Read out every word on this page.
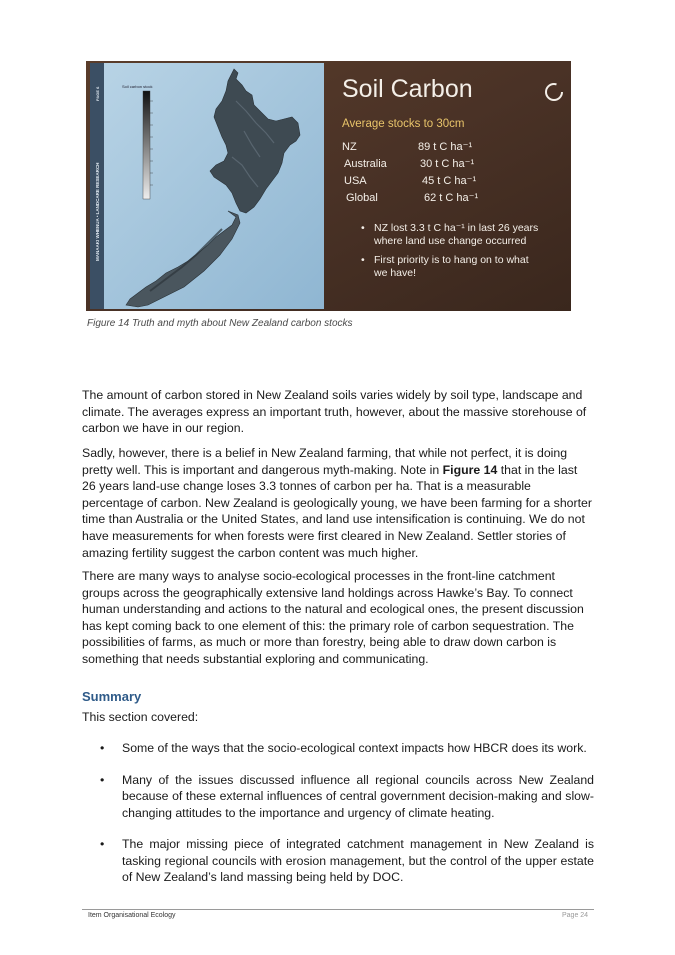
PAGE 6
MANAAKI WHENUA • LANDCARE RESEARCH
Soil carbon stock	Soil Carbon
Average stocks to 30cm
NZ	89 t C ha⁻¹
Australia	30 t C ha⁻¹
USA	45 t C ha⁻¹
Global	62 t C ha⁻¹
• NZ lost 3.3 t C ha⁻¹ in last 26 years
where land use change occurred
• First priority is to hang on to what
we have!
Figure 14 Truth and myth about New Zealand carbon stocks

The amount of carbon stored in New Zealand soils varies widely by soil type, landscape and climate. The averages express an important truth, however, about the massive storehouse of carbon we have in our region.

Sadly, however, there is a belief in New Zealand farming, that while not perfect, it is doing pretty well. This is important and dangerous myth-making. Note in Figure 14 that in the last 26 years land-use change loses 3.3 tonnes of carbon per ha. That is a measurable percentage of carbon. New Zealand is geologically young, we have been farming for a shorter time than Australia or the United States, and land use intensification is continuing. We do not have measurements for when forests were first cleared in New Zealand. Settler stories of amazing fertility suggest the carbon content was much higher.

There are many ways to analyse socio-ecological processes in the front-line catchment groups across the geographically extensive land holdings across Hawke’s Bay. To connect human understanding and actions to the natural and ecological ones, the present discussion has kept coming back to one element of this: the primary role of carbon sequestration. The possibilities of farms, as much or more than forestry, being able to draw down carbon is something that needs substantial exploring and communicating.

Summary
This section covered:
• Some of the ways that the socio-ecological context impacts how HBCR does its work.
• Many of the issues discussed influence all regional councils across New Zealand because of these external influences of central government decision-making and slow-changing attitudes to the importance and urgency of climate heating.
• The major missing piece of integrated catchment management in New Zealand is tasking regional councils with erosion management, but the control of the upper estate of New Zealand’s land massing being held by DOC.
Item Organisational Ecology	Page 24
